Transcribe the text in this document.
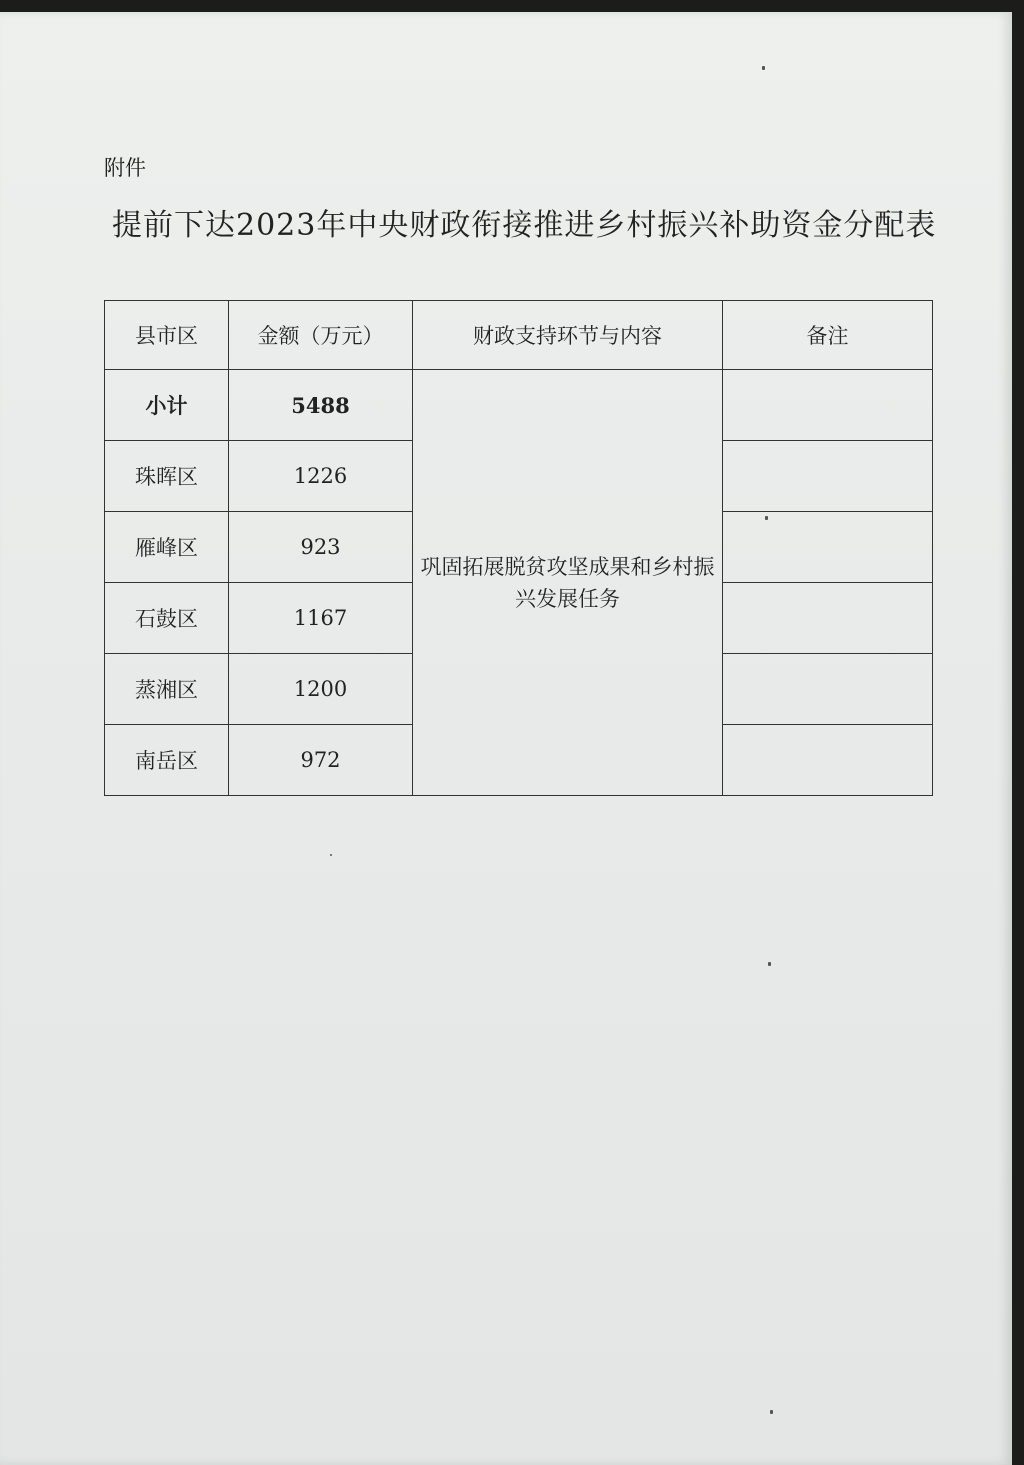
附件
提前下达2023年中央财政衔接推进乡村振兴补助资金分配表
县市区	金额（万元）	财政支持环节与内容	备注
小计	5488	巩固拓展脱贫攻坚成果和乡村振兴发展任务	
珠晖区	1226		
雁峰区	923		
石鼓区	1167		
蒸湘区	1200		
南岳区	972		
